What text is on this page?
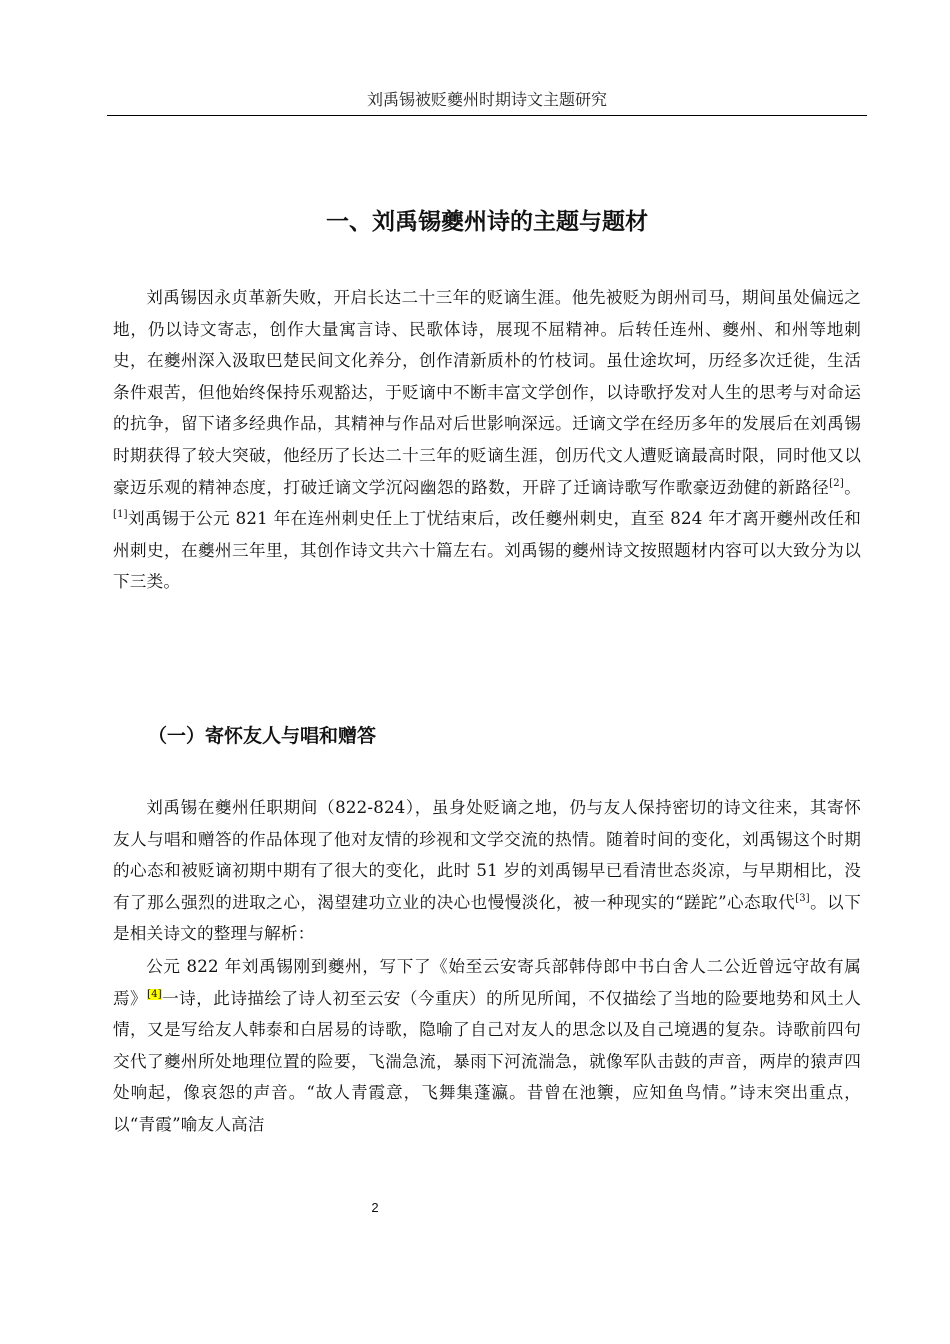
刘禹锡被贬夔州时期诗文主题研究
一、刘禹锡夔州诗的主题与题材

刘禹锡因永贞革新失败，开启长达二十三年的贬谪生涯。他先被贬为朗州司马，期间虽处偏远之地，仍以诗文寄志，创作大量寓言诗、民歌体诗，展现不屈精神。后转任连州、夔州、和州等地刺史，在夔州深入汲取巴楚民间文化养分，创作清新质朴的竹枝词。虽仕途坎坷，历经多次迁徙，生活条件艰苦，但他始终保持乐观豁达，于贬谪中不断丰富文学创作，以诗歌抒发对人生的思考与对命运的抗争，留下诸多经典作品，其精神与作品对后世影响深远。迁谪文学在经历多年的发展后在刘禹锡时期获得了较大突破，他经历了长达二十三年的贬谪生涯，创历代文人遭贬谪最高时限，同时他又以豪迈乐观的精神态度，打破迁谪文学沉闷幽怨的路数，开辟了迁谪诗歌写作歌豪迈劲健的新路径[2]。[1]刘禹锡于公元 821 年在连州刺史任上丁忧结束后，改任夔州刺史，直至 824 年才离开夔州改任和州刺史，在夔州三年里，其创作诗文共六十篇左右。刘禹锡的夔州诗文按照题材内容可以大致分为以下三类。

（一）寄怀友人与唱和赠答

刘禹锡在夔州任职期间（822-824），虽身处贬谪之地，仍与友人保持密切的诗文往来，其寄怀友人与唱和赠答的作品体现了他对友情的珍视和文学交流的热情。随着时间的变化，刘禹锡这个时期的心态和被贬谪初期中期有了很大的变化，此时 51 岁的刘禹锡早已看清世态炎凉，与早期相比，没有了那么强烈的进取之心，渴望建功立业的决心也慢慢淡化，被一种现实的“蹉跎”心态取代[3]。以下是相关诗文的整理与解析：

公元 822 年刘禹锡刚到夔州，写下了《始至云安寄兵部韩侍郎中书白舍人二公近曾远守故有属焉》[4]一诗，此诗描绘了诗人初至云安（今重庆）的所见所闻，不仅描绘了当地的险要地势和风土人情，又是写给友人韩泰和白居易的诗歌，隐喻了自己对友人的思念以及自己境遇的复杂。诗歌前四句交代了夔州所处地理位置的险要，飞湍急流，暴雨下河流湍急，就像军队击鼓的声音，两岸的猿声四处响起，像哀怨的声音。“故人青霞意，飞舞集蓬瀛。昔曾在池籞，应知鱼鸟情。”诗末突出重点，以“青霞”喻友人高洁

2
